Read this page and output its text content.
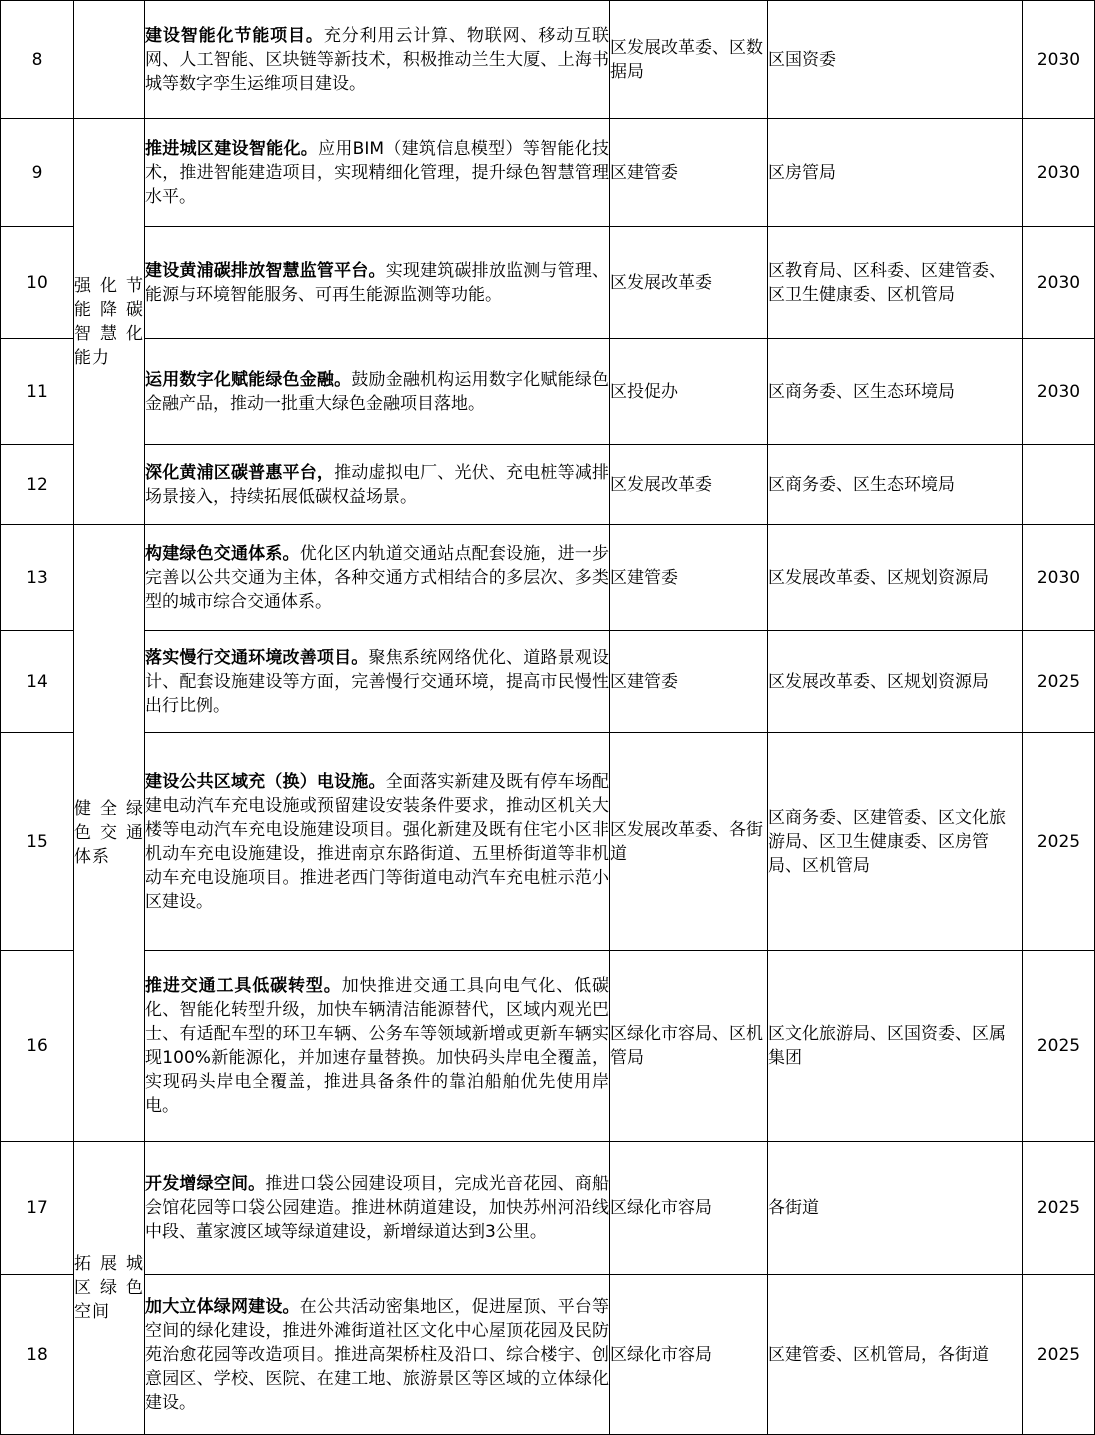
8		建设智能化节能项目。充分利用云计算、物联网、移动互联网、人工智能、区块链等新技术，积极推动兰生大厦、上海书城等数字孪生运维项目建设。	区发展改革委、区数据局	区国资委	2030
9	强化节能降碳智慧化能力	推进城区建设智能化。应用BIM（建筑信息模型）等智能化技术，推进智能建造项目，实现精细化管理，提升绿色智慧管理水平。	区建管委	区房管局	2030
10		建设黄浦碳排放智慧监管平台。实现建筑碳排放监测与管理、能源与环境智能服务、可再生能源监测等功能。	区发展改革委	区教育局、区科委、区建管委、区卫生健康委、区机管局	2030
11		运用数字化赋能绿色金融。鼓励金融机构运用数字化赋能绿色金融产品，推动一批重大绿色金融项目落地。	区投促办	区商务委、区生态环境局	2030
12		深化黄浦区碳普惠平台，推动虚拟电厂、光伏、充电桩等减排场景接入，持续拓展低碳权益场景。	区发展改革委	区商务委、区生态环境局	
13	健全绿色交通体系	构建绿色交通体系。优化区内轨道交通站点配套设施，进一步完善以公共交通为主体，各种交通方式相结合的多层次、多类型的城市综合交通体系。	区建管委	区发展改革委、区规划资源局	2030
14		落实慢行交通环境改善项目。聚焦系统网络优化、道路景观设计、配套设施建设等方面，完善慢行交通环境，提高市民慢性出行比例。	区建管委	区发展改革委、区规划资源局	2025
15		建设公共区域充（换）电设施。全面落实新建及既有停车场配建电动汽车充电设施或预留建设安装条件要求，推动区机关大楼等电动汽车充电设施建设项目。强化新建及既有住宅小区非机动车充电设施建设，推进南京东路街道、五里桥街道等非机动车充电设施项目。推进老西门等街道电动汽车充电桩示范小区建设。	区发展改革委、各街道	区商务委、区建管委、区文化旅游局、区卫生健康委、区房管局、区机管局	2025
16		推进交通工具低碳转型。加快推进交通工具向电气化、低碳化、智能化转型升级，加快车辆清洁能源替代，区域内观光巴士、有适配车型的环卫车辆、公务车等领域新增或更新车辆实现100%新能源化，并加速存量替换。加快码头岸电全覆盖，实现码头岸电全覆盖，推进具备条件的靠泊船舶优先使用岸电。	区绿化市容局、区机管局	区文化旅游局、区国资委、区属集团	2025
17	拓展城区绿色空间	开发增绿空间。推进口袋公园建设项目，完成光音花园、商船会馆花园等口袋公园建造。推进林荫道建设，加快苏州河沿线中段、董家渡区域等绿道建设，新增绿道达到3公里。	区绿化市容局	各街道	2025
18		加大立体绿网建设。在公共活动密集地区，促进屋顶、平台等空间的绿化建设，推进外滩街道社区文化中心屋顶花园及民防苑治愈花园等改造项目。推进高架桥柱及沿口、综合楼宇、创意园区、学校、医院、在建工地、旅游景区等区域的立体绿化建设。	区绿化市容局	区建管委、区机管局，各街道	2025
